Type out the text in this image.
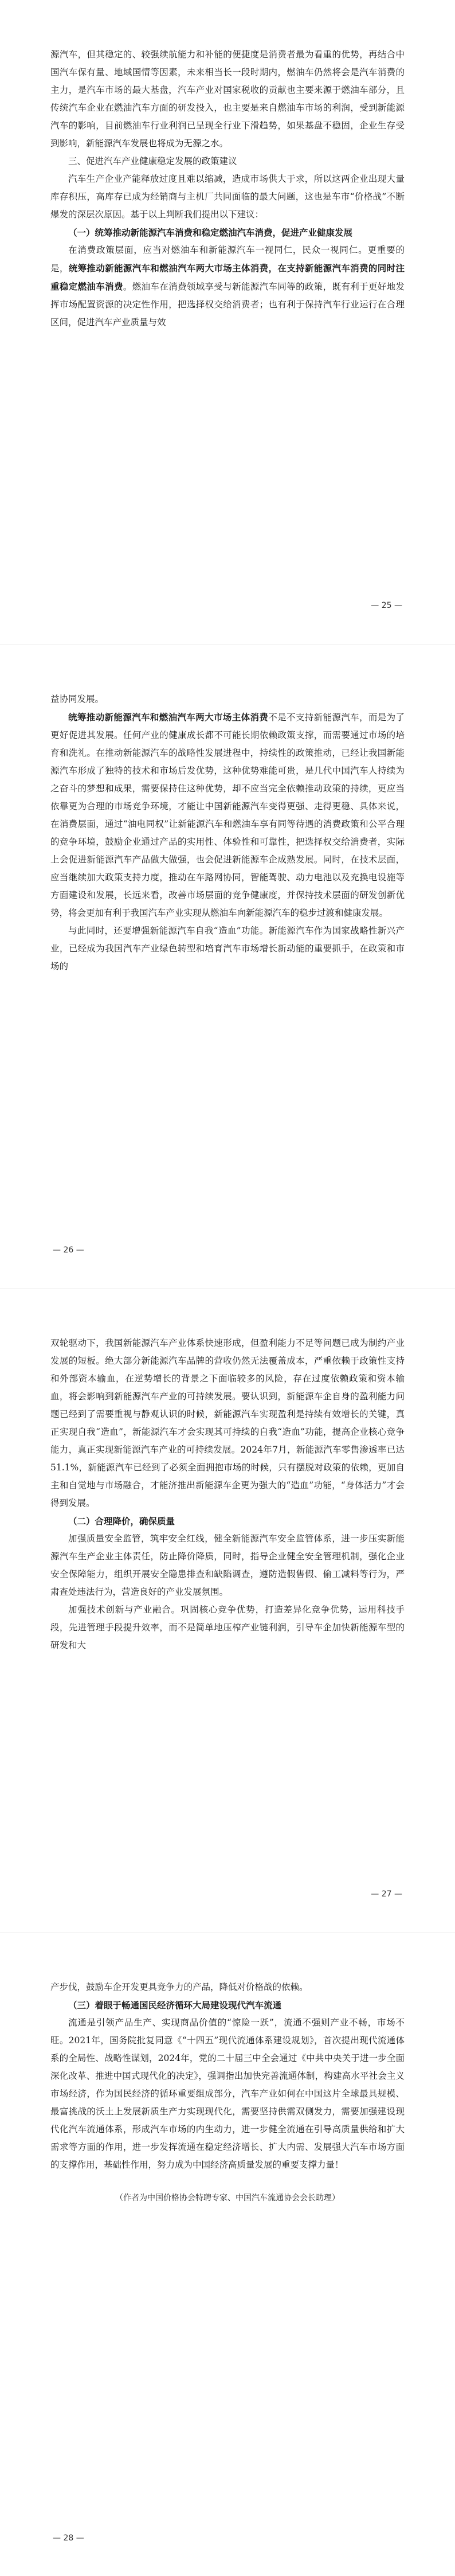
源汽车，但其稳定的、较强续航能力和补能的便捷度是消费者最为看重的优势，再结合中国汽车保有量、地域国情等因素，未来相当长一段时期内，燃油车仍然将会是汽车消费的主力，是汽车市场的最大基盘，汽车产业对国家税收的贡献也主要来源于燃油车部分，且传统汽车企业在燃油汽车方面的研发投入，也主要是来自燃油车市场的利润，受到新能源汽车的影响，目前燃油车行业利润已呈现全行业下滑趋势，如果基盘不稳固，企业生存受到影响，新能源汽车发展也将成为无源之水。

三、促进汽车产业健康稳定发展的政策建议

汽车生产企业产能释放过度且难以缩减，造成市场供大于求，所以这两企业出现大量库存积压，高库存已成为经销商与主机厂共同面临的最大问题，这也是车市“价格战”不断爆发的深层次原因。基于以上判断我们提出以下建议：

（一）统筹推动新能源汽车消费和稳定燃油汽车消费，促进产业健康发展

在消费政策层面，应当对燃油车和新能源汽车一视同仁，民众一视同仁。更重要的是，统筹推动新能源汽车和燃油汽车两大市场主体消费，在支持新能源汽车消费的同时注重稳定燃油车消费。燃油车在消费领域享受与新能源汽车同等的政策，既有利于更好地发挥市场配置资源的决定性作用，把选择权交给消费者；也有利于保持汽车行业运行在合理区间，促进汽车产业质量与效

— 25 —

益协同发展。

统筹推动新能源汽车和燃油汽车两大市场主体消费不是不支持新能源汽车，而是为了更好促进其发展。任何产业的健康成长都不可能长期依赖政策支撑，而需要通过市场的培育和洗礼。在推动新能源汽车的战略性发展进程中，持续性的政策推动，已经让我国新能源汽车形成了独特的技术和市场后发优势，这种优势难能可贵，是几代中国汽车人持续为之奋斗的梦想和成果，需要保持住这种优势，却不应当完全依赖推动政策的持续，更应当依靠更为合理的市场竞争环境，才能让中国新能源汽车变得更强、走得更稳、具体来说，在消费层面，通过“油电同权”让新能源汽车和燃油车享有同等待遇的消费政策和公平合理的竞争环境，鼓励企业通过产品的实用性、体验性和可靠性，把选择权交给消费者，实际上会促进新能源汽车产品做大做强，也会促进新能源车企成熟发展。同时，在技术层面，应当继续加大政策支持力度，推动在车路网协同，智能驾驶、动力电池以及充换电设施等方面建设和发展，长远来看，改善市场层面的竞争健康度，并保持技术层面的研发创新优势，将会更加有利于我国汽车产业实现从燃油车向新能源汽车的稳步过渡和健康发展。

与此同时，还要增强新能源汽车自我“造血”功能。新能源汽车作为国家战略性新兴产业，已经成为我国汽车产业绿色转型和培育汽车市场增长新动能的重要抓手，在政策和市场的

— 26 —

双轮驱动下，我国新能源汽车产业体系快速形成，但盈利能力不足等问题已成为制约产业发展的短板。绝大部分新能源汽车品牌的营收仍然无法覆盖成本，严重依赖于政策性支持和外部资本输血，在逆势增长的背景之下面临较多的风险，存在过度依赖政策和资本输血，将会影响到新能源汽车产业的可持续发展。要认识到，新能源车企自身的盈利能力问题已经到了需要重视与静观认识的时候，新能源汽车实现盈利是持续有效增长的关键，真正实现自我“造血”，新能源汽车才会实现其可持续的自我“造血”功能，提高企业核心竞争能力，真正实现新能源汽车产业的可持续发展。2024年7月，新能源汽车零售渗透率已达51.1%，新能源汽车已经到了必须全面拥抱市场的时候，只有摆脱对政策的依赖，更加自主和自觉地与市场融合，才能济推出新能源车企更为强大的“造血”功能，“身体活力”才会得到发展。

（二）合理降价，确保质量

加强质量安全监管，筑牢安全红线，健全新能源汽车安全监管体系，进一步压实新能源汽车生产企业主体责任，防止降价降质，同时，指导企业健全安全管理机制，强化企业安全保障能力，组织开展安全隐患排查和缺陷调查，遵防造假售假、偷工减料等行为，严肃查处违法行为，营造良好的产业发展氛围。

加强技术创新与产业融合。巩固核心竞争优势，打造差异化竞争优势，运用科技手段，先进管理手段提升效率，而不是简单地压榨产业链利润，引导车企加快新能源车型的研发和大

— 27 —

产步伐，鼓励车企开发更具竞争力的产品，降低对价格战的依赖。

（三）着眼于畅通国民经济循环大局建设现代汽车流通

流通是引领产品生产、实现商品价值的“惊险一跃”，流通不强则产业不畅，市场不旺。2021年，国务院批复同意《“十四五”现代流通体系建设规划》，首次提出现代流通体系的全局性、战略性谋划，2024年，党的二十届三中全会通过《中共中央关于进一步全面深化改革、推进中国式现代化的决定》，强调指出加快完善流通体制，构建高水平社会主义市场经济，作为国民经济的循环重要组成部分，汽车产业如何在中国这片全球最具规模、最富挑战的沃土上发展新质生产力实现现代化，需要坚持供需双侧发力，需要加强建设现代化汽车流通体系，形成汽车市场的内生动力，进一步健全流通在引导高质量供给和扩大需求等方面的作用，进一步发挥流通在稳定经济增长、扩大内需、发展强大汽车市场方面的支撑作用，基础性作用，努力成为中国经济高质量发展的重要支撑力量！

（作者为中国价格协会特聘专家、中国汽车流通协会会长助理）

— 28 —
